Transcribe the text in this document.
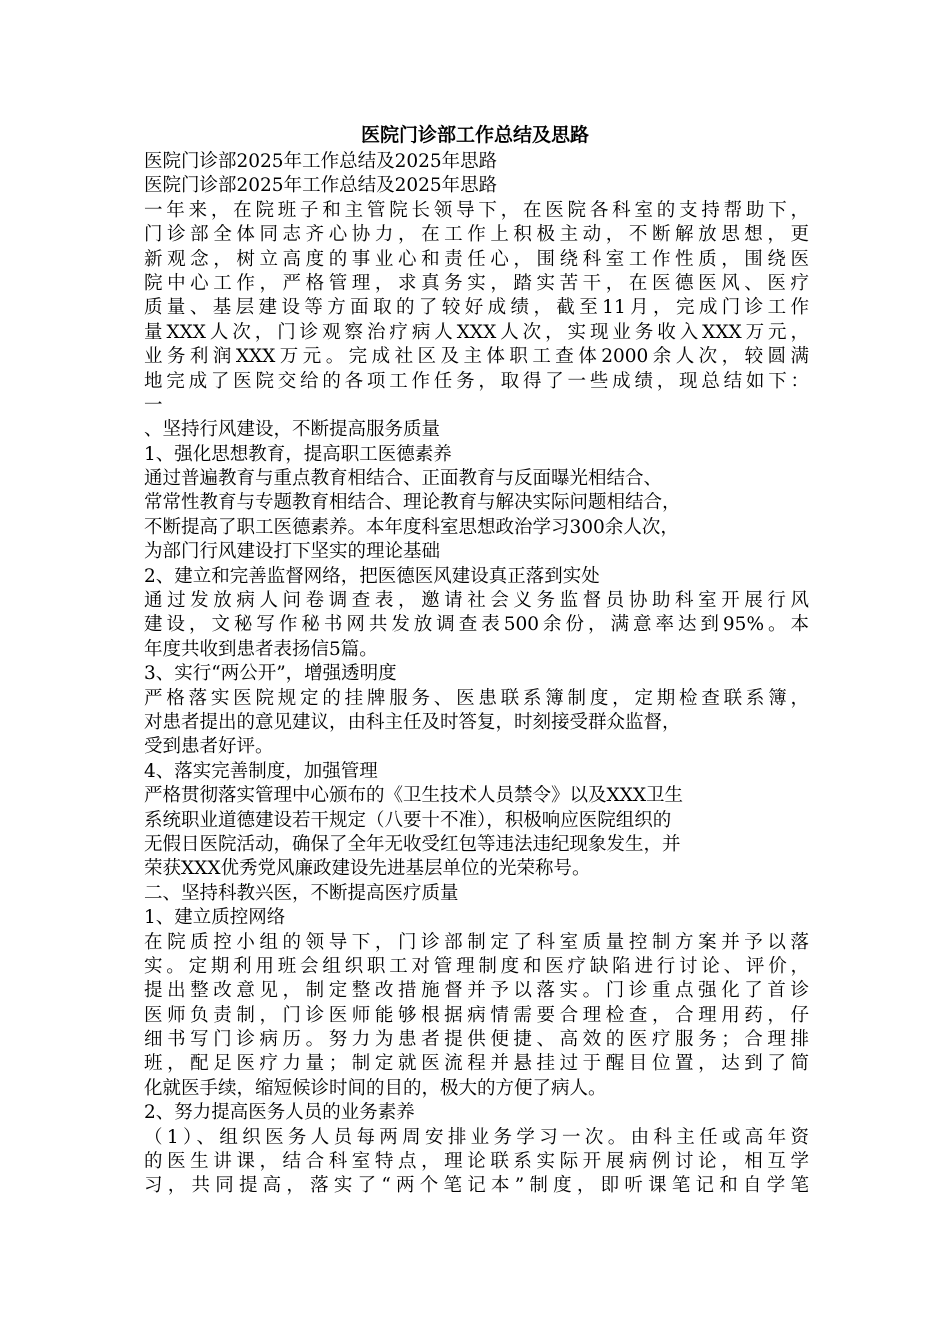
医院门诊部工作总结及思路
医院门诊部2025年工作总结及2025年思路
医院门诊部2025年工作总结及2025年思路
一年来，在院班子和主管院长领导下，在医院各科室的支持帮助下，
门诊部全体同志齐心协力，在工作上积极主动，不断解放思想，更
新观念，树立高度的事业心和责任心，围绕科室工作性质，围绕医
院中心工作，严格管理，求真务实，踏实苦干，在医德医风、医疗
质量、基层建设等方面取的了较好成绩，截至11月，完成门诊工作
量XXX人次，门诊观察治疗病人XXX人次，实现业务收入XXX万元，
业务利润XXX万元。完成社区及主体职工查体2000余人次，较圆满
地完成了医院交给的各项工作任务，取得了一些成绩，现总结如下：
一
、坚持行风建设，不断提高服务质量
1、强化思想教育，提高职工医德素养
通过普遍教育与重点教育相结合、正面教育与反面曝光相结合、
常常性教育与专题教育相结合、理论教育与解决实际问题相结合，
不断提高了职工医德素养。本年度科室思想政治学习300余人次，
为部门行风建设打下坚实的理论基础
2、建立和完善监督网络，把医德医风建设真正落到实处
通过发放病人问卷调查表，邀请社会义务监督员协助科室开展行风
建设，文秘写作秘书网共发放调查表500余份，满意率达到95%。本
年度共收到患者表扬信5篇。
3、实行“两公开”，增强透明度
严格落实医院规定的挂牌服务、医患联系簿制度，定期检查联系簿，
对患者提出的意见建议，由科主任及时答复，时刻接受群众监督，
受到患者好评。
4、落实完善制度，加强管理
严格贯彻落实管理中心颁布的《卫生技术人员禁令》以及XXX卫生
系统职业道德建设若干规定（八要十不准），积极响应医院组织的
无假日医院活动，确保了全年无收受红包等违法违纪现象发生，并
荣获XXX优秀党风廉政建设先进基层单位的光荣称号。
二、坚持科教兴医，不断提高医疗质量
1、建立质控网络
在院质控小组的领导下，门诊部制定了科室质量控制方案并予以落
实。定期利用班会组织职工对管理制度和医疗缺陷进行讨论、评价，
提出整改意见，制定整改措施督并予以落实。门诊重点强化了首诊
医师负责制，门诊医师能够根据病情需要合理检查，合理用药，仔
细书写门诊病历。努力为患者提供便捷、高效的医疗服务；合理排
班，配足医疗力量；制定就医流程并悬挂过于醒目位置，达到了简
化就医手续，缩短候诊时间的目的，极大的方便了病人。
2、努力提高医务人员的业务素养
（1）、组织医务人员每两周安排业务学习一次。由科主任或高年资
的医生讲课，结合科室特点，理论联系实际开展病例讨论，相互学
习，共同提高，落实了“两个笔记本”制度，即听课笔记和自学笔
